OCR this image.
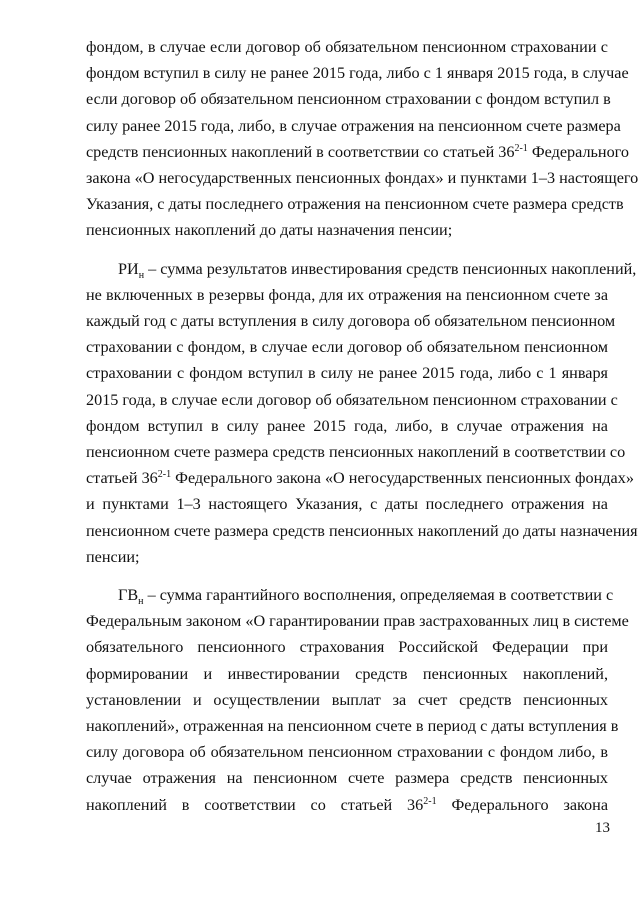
фондом, в случае если договор об обязательном пенсионном страховании с
фондом вступил в силу не ранее 2015 года, либо с 1 января 2015 года, в случае
если договор об обязательном пенсионном страховании с фондом вступил в
силу ранее 2015 года, либо, в случае отражения на пенсионном счете размера
средств пенсионных накоплений в соответствии со статьей 36$^{2-1}$ Федерального
закона «О негосударственных пенсионных фондах» и пунктами 1–3 настоящего
Указания, с даты последнего отражения на пенсионном счете размера средств
пенсионных накоплений до даты назначения пенсии;

$РИ_н$ – сумма результатов инвестирования средств пенсионных накоплений,
не включенных в резервы фонда, для их отражения на пенсионном счете за
каждый год с даты вступления в силу договора об обязательном пенсионном
страховании с фондом, в случае если договор об обязательном пенсионном
страховании с фондом вступил в силу не ранее 2015 года, либо с 1 января
2015 года, в случае если договор об обязательном пенсионном страховании с
фондом вступил в силу ранее 2015 года, либо, в случае отражения на
пенсионном счете размера средств пенсионных накоплений в соответствии со
статьей 36$^{2-1}$ Федерального закона «О негосударственных пенсионных фондах»
и пунктами 1–3 настоящего Указания, с даты последнего отражения на
пенсионном счете размера средств пенсионных накоплений до даты назначения
пенсии;

$ГВ_н$ – сумма гарантийного восполнения, определяемая в соответствии с
Федеральным законом «О гарантировании прав застрахованных лиц в системе
обязательного пенсионного страхования Российской Федерации при
формировании и инвестировании средств пенсионных накоплений,
установлении и осуществлении выплат за счет средств пенсионных
накоплений», отраженная на пенсионном счете в период с даты вступления в
силу договора об обязательном пенсионном страховании с фондом либо, в
случае отражения на пенсионном счете размера средств пенсионных
накоплений в соответствии со статьей 36$^{2-1}$ Федерального закона

13
